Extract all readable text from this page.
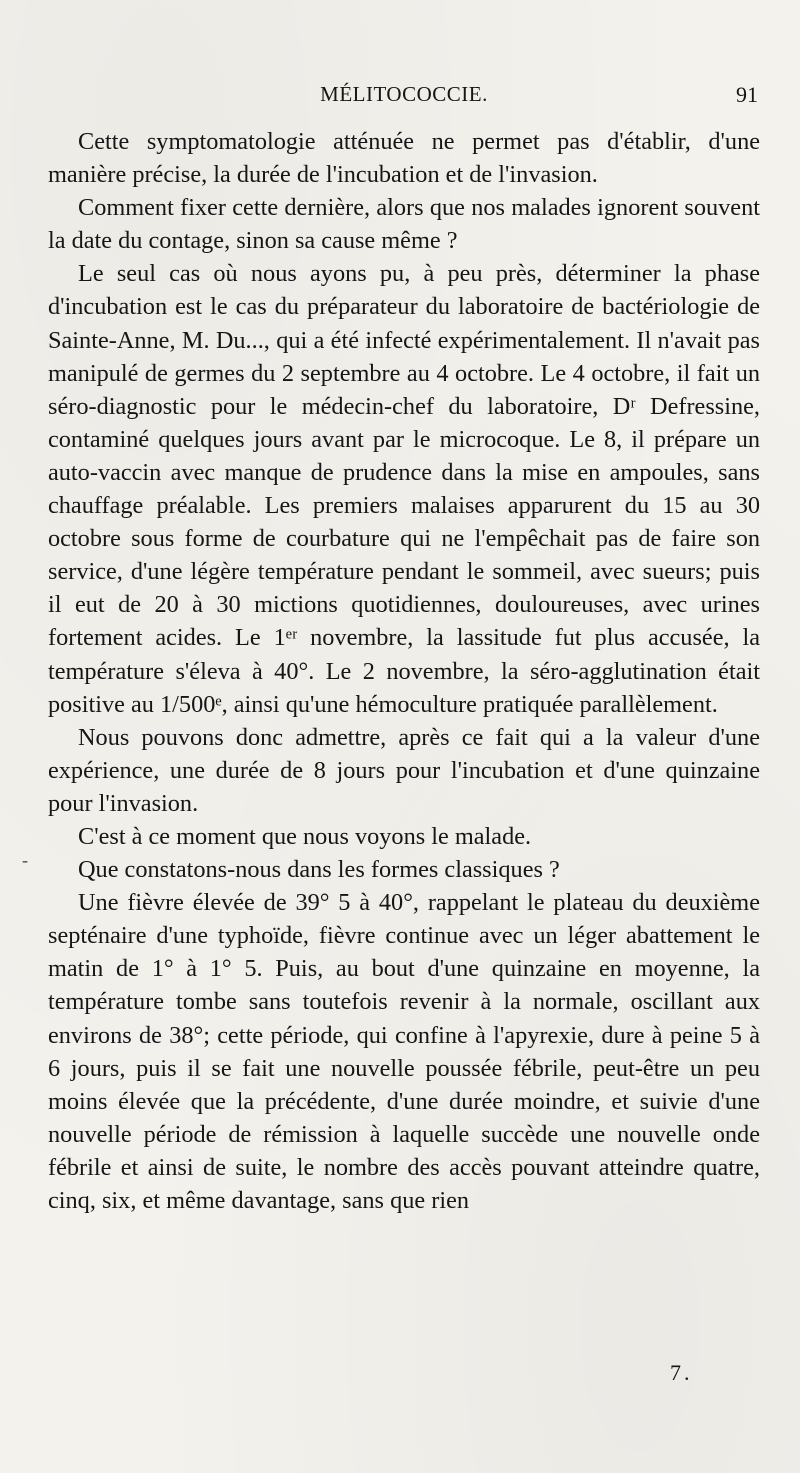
MÉLITOCOCCIE.	91
-

Cette symptomatologie atténuée ne permet pas d'établir, d'une manière précise, la durée de l'incubation et de l'invasion.

Comment fixer cette dernière, alors que nos malades ignorent souvent la date du contage, sinon sa cause même ?

Le seul cas où nous ayons pu, à peu près, déterminer la phase d'incubation est le cas du préparateur du laboratoire de bactériologie de Sainte-Anne, M. Du..., qui a été infecté expérimentalement. Il n'avait pas manipulé de germes du 2 septembre au 4 octobre. Le 4 octobre, il fait un séro-diagnostic pour le médecin-chef du laboratoire, Dʳ Defressine, contaminé quelques jours avant par le microcoque. Le 8, il prépare un auto-vaccin avec manque de prudence dans la mise en ampoules, sans chauffage préalable. Les premiers malaises apparurent du 15 au 30 octobre sous forme de courbature qui ne l'empêchait pas de faire son service, d'une légère température pendant le sommeil, avec sueurs; puis il eut de 20 à 30 mictions quotidiennes, douloureuses, avec urines fortement acides. Le 1ᵉʳ novembre, la lassitude fut plus accusée, la température s'éleva à 40°. Le 2 novembre, la séro-agglutination était positive au 1/500ᵉ, ainsi qu'une hémoculture pratiquée parallèlement.

Nous pouvons donc admettre, après ce fait qui a la valeur d'une expérience, une durée de 8 jours pour l'incubation et d'une quinzaine pour l'invasion.

C'est à ce moment que nous voyons le malade.

Que constatons-nous dans les formes classiques ?

Une fièvre élevée de 39° 5 à 40°, rappelant le plateau du deuxième septénaire d'une typhoïde, fièvre continue avec un léger abattement le matin de 1° à 1° 5. Puis, au bout d'une quinzaine en moyenne, la température tombe sans toutefois revenir à la normale, oscillant aux environs de 38°; cette période, qui confine à l'apyrexie, dure à peine 5 à 6 jours, puis il se fait une nouvelle poussée fébrile, peut-être un peu moins élevée que la précédente, d'une durée moindre, et suivie d'une nouvelle période de rémission à laquelle succède une nouvelle onde fébrile et ainsi de suite, le nombre des accès pouvant atteindre quatre, cinq, six, et même davantage, sans que rien

7.
